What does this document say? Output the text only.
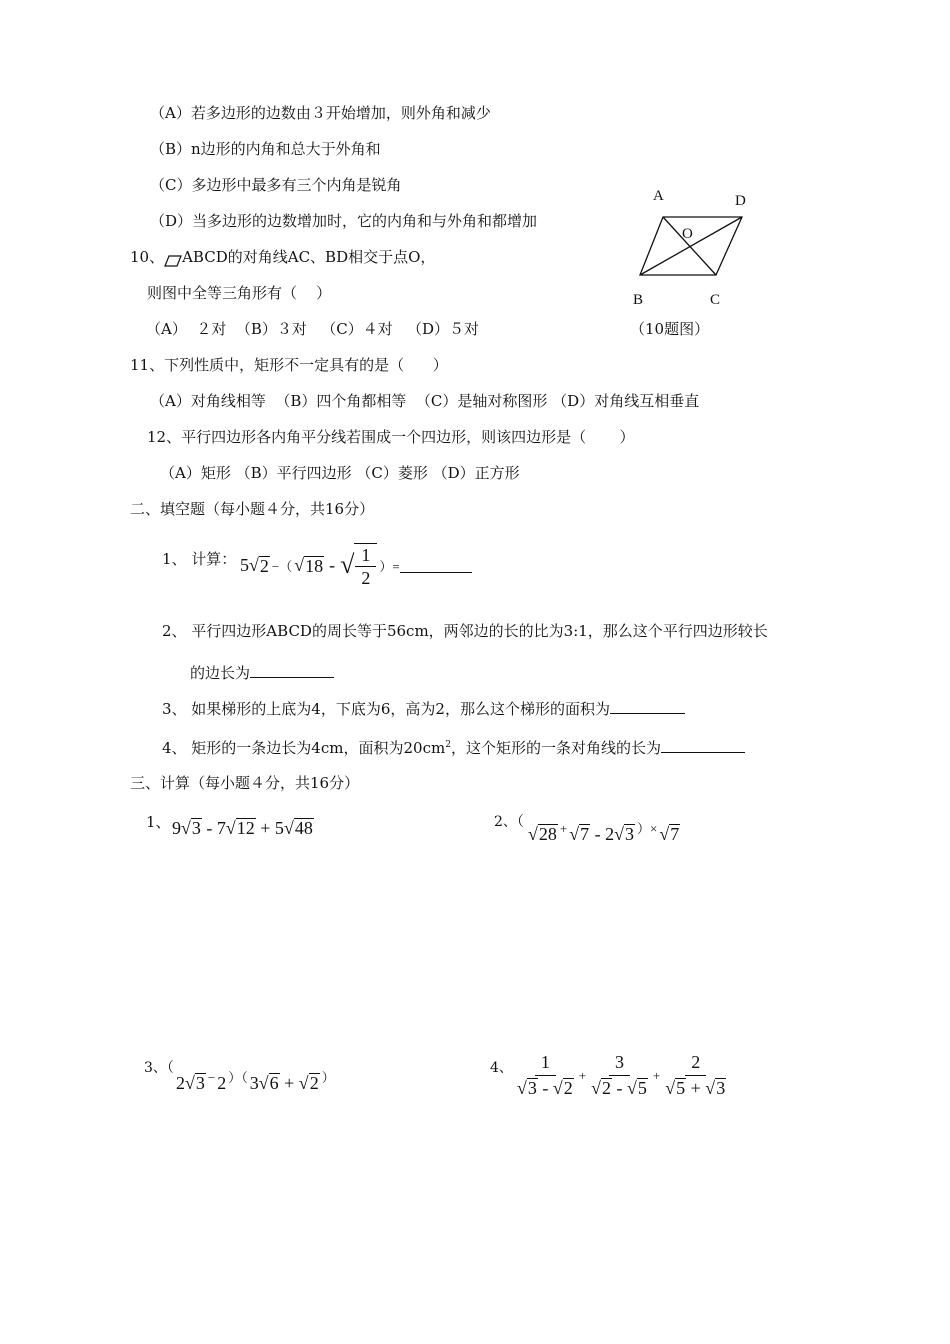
（A）若多边形的边数由３开始增加，则外角和减少
（B）n边形的内角和总大于外角和
（C）多边形中最多有三个内角是锐角
（D）当多边形的边数增加时，它的内角和与外角和都增加
10、 ABCD的对角线AC、BD相交于点O，
则图中全等三角形有（    ）
（A）  ２对  （B）３对   （C）４对   （D）５对
A	D
O
B	C
（10题图）
11、下列性质中，矩形不一定具有的是（      ）
（A）对角线相等  （B）四个角都相等  （C）是轴对称图形 （D）对角线互相垂直
12、平行四边形各内角平分线若围成一个四边形，则该四边形是（       ）
（A）矩形 （B）平行四边形 （C）菱形 （D）正方形
二、填空题（每小题４分，共16分）
1、 计算： 5 √ 2 −（ √ 18 - √ $\frac{1}{2}$ ）=
2、 平行四边形ABCD的周长等于56cm，两邻边的长的比为3:1，那么这个平行四边形较长
的边长为
3、 如果梯形的上底为4，下底为6，高为2，那么这个梯形的面积为
4、 矩形的一条边长为4cm，面积为$20cm^2$，这个矩形的一条对角线的长为
三、计算（每小题４分，共16分）
1、 9√3 - 7√12 + 5√48	2、（
√28 + √7 - 2√3 ）× √7
3、（
2√3 − 2 ）（ 3√6 + √2 ）
4、 $\frac{1}{√3 - √2} + \frac{3}{√2 - √5} + \frac{2}{√5 + √3}$
